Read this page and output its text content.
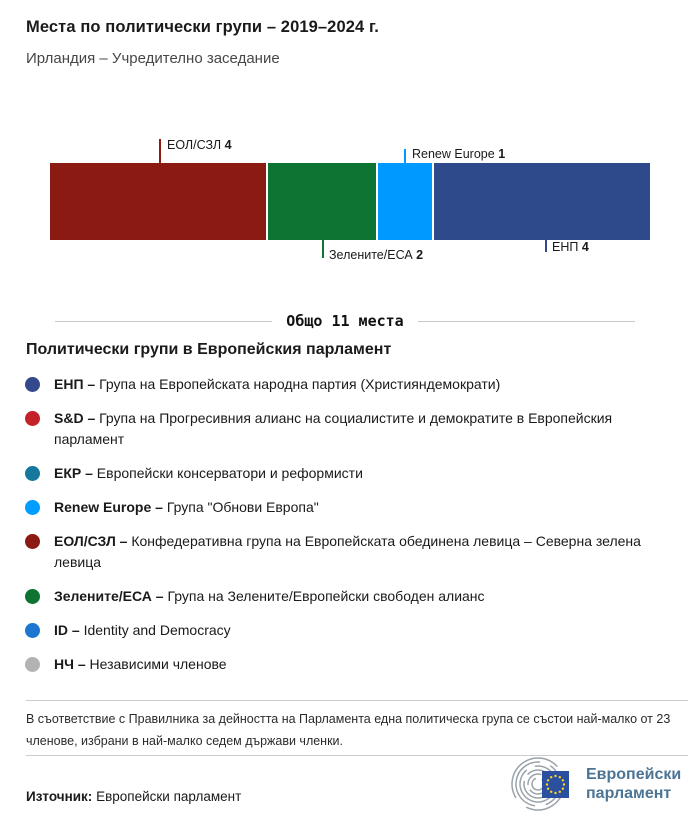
Места по политически групи – 2019–2024 г.
Ирландия – Учредително заседание
ЕОЛ/СЗЛ 4
Renew Europe 1
Зелените/ЕСА 2
ЕНП 4
Общо 11 места
Политически групи в Европейския парламент

ЕНП – Група на Европейската народна партия (Християндемократи)

S&D – Група на Прогресивния алианс на социалистите и демократите в Европейския парламент

ЕКР – Европейски консерватори и реформисти

Renew Europe – Група "Обнови Европа"

ЕОЛ/СЗЛ – Конфедеративна група на Европейската обединена левица – Северна зелена левица

Зелените/ЕСА – Група на Зелените/Европейски свободен алианс

ID – Identity and Democracy

НЧ – Независими членове

В съответствие с Правилника за дейността на Парламента една политическа група се състои най-малко от 23 членове, избрани в най-малко седем държави членки.
Източник: Европейски парламент
Европейски
парламент
